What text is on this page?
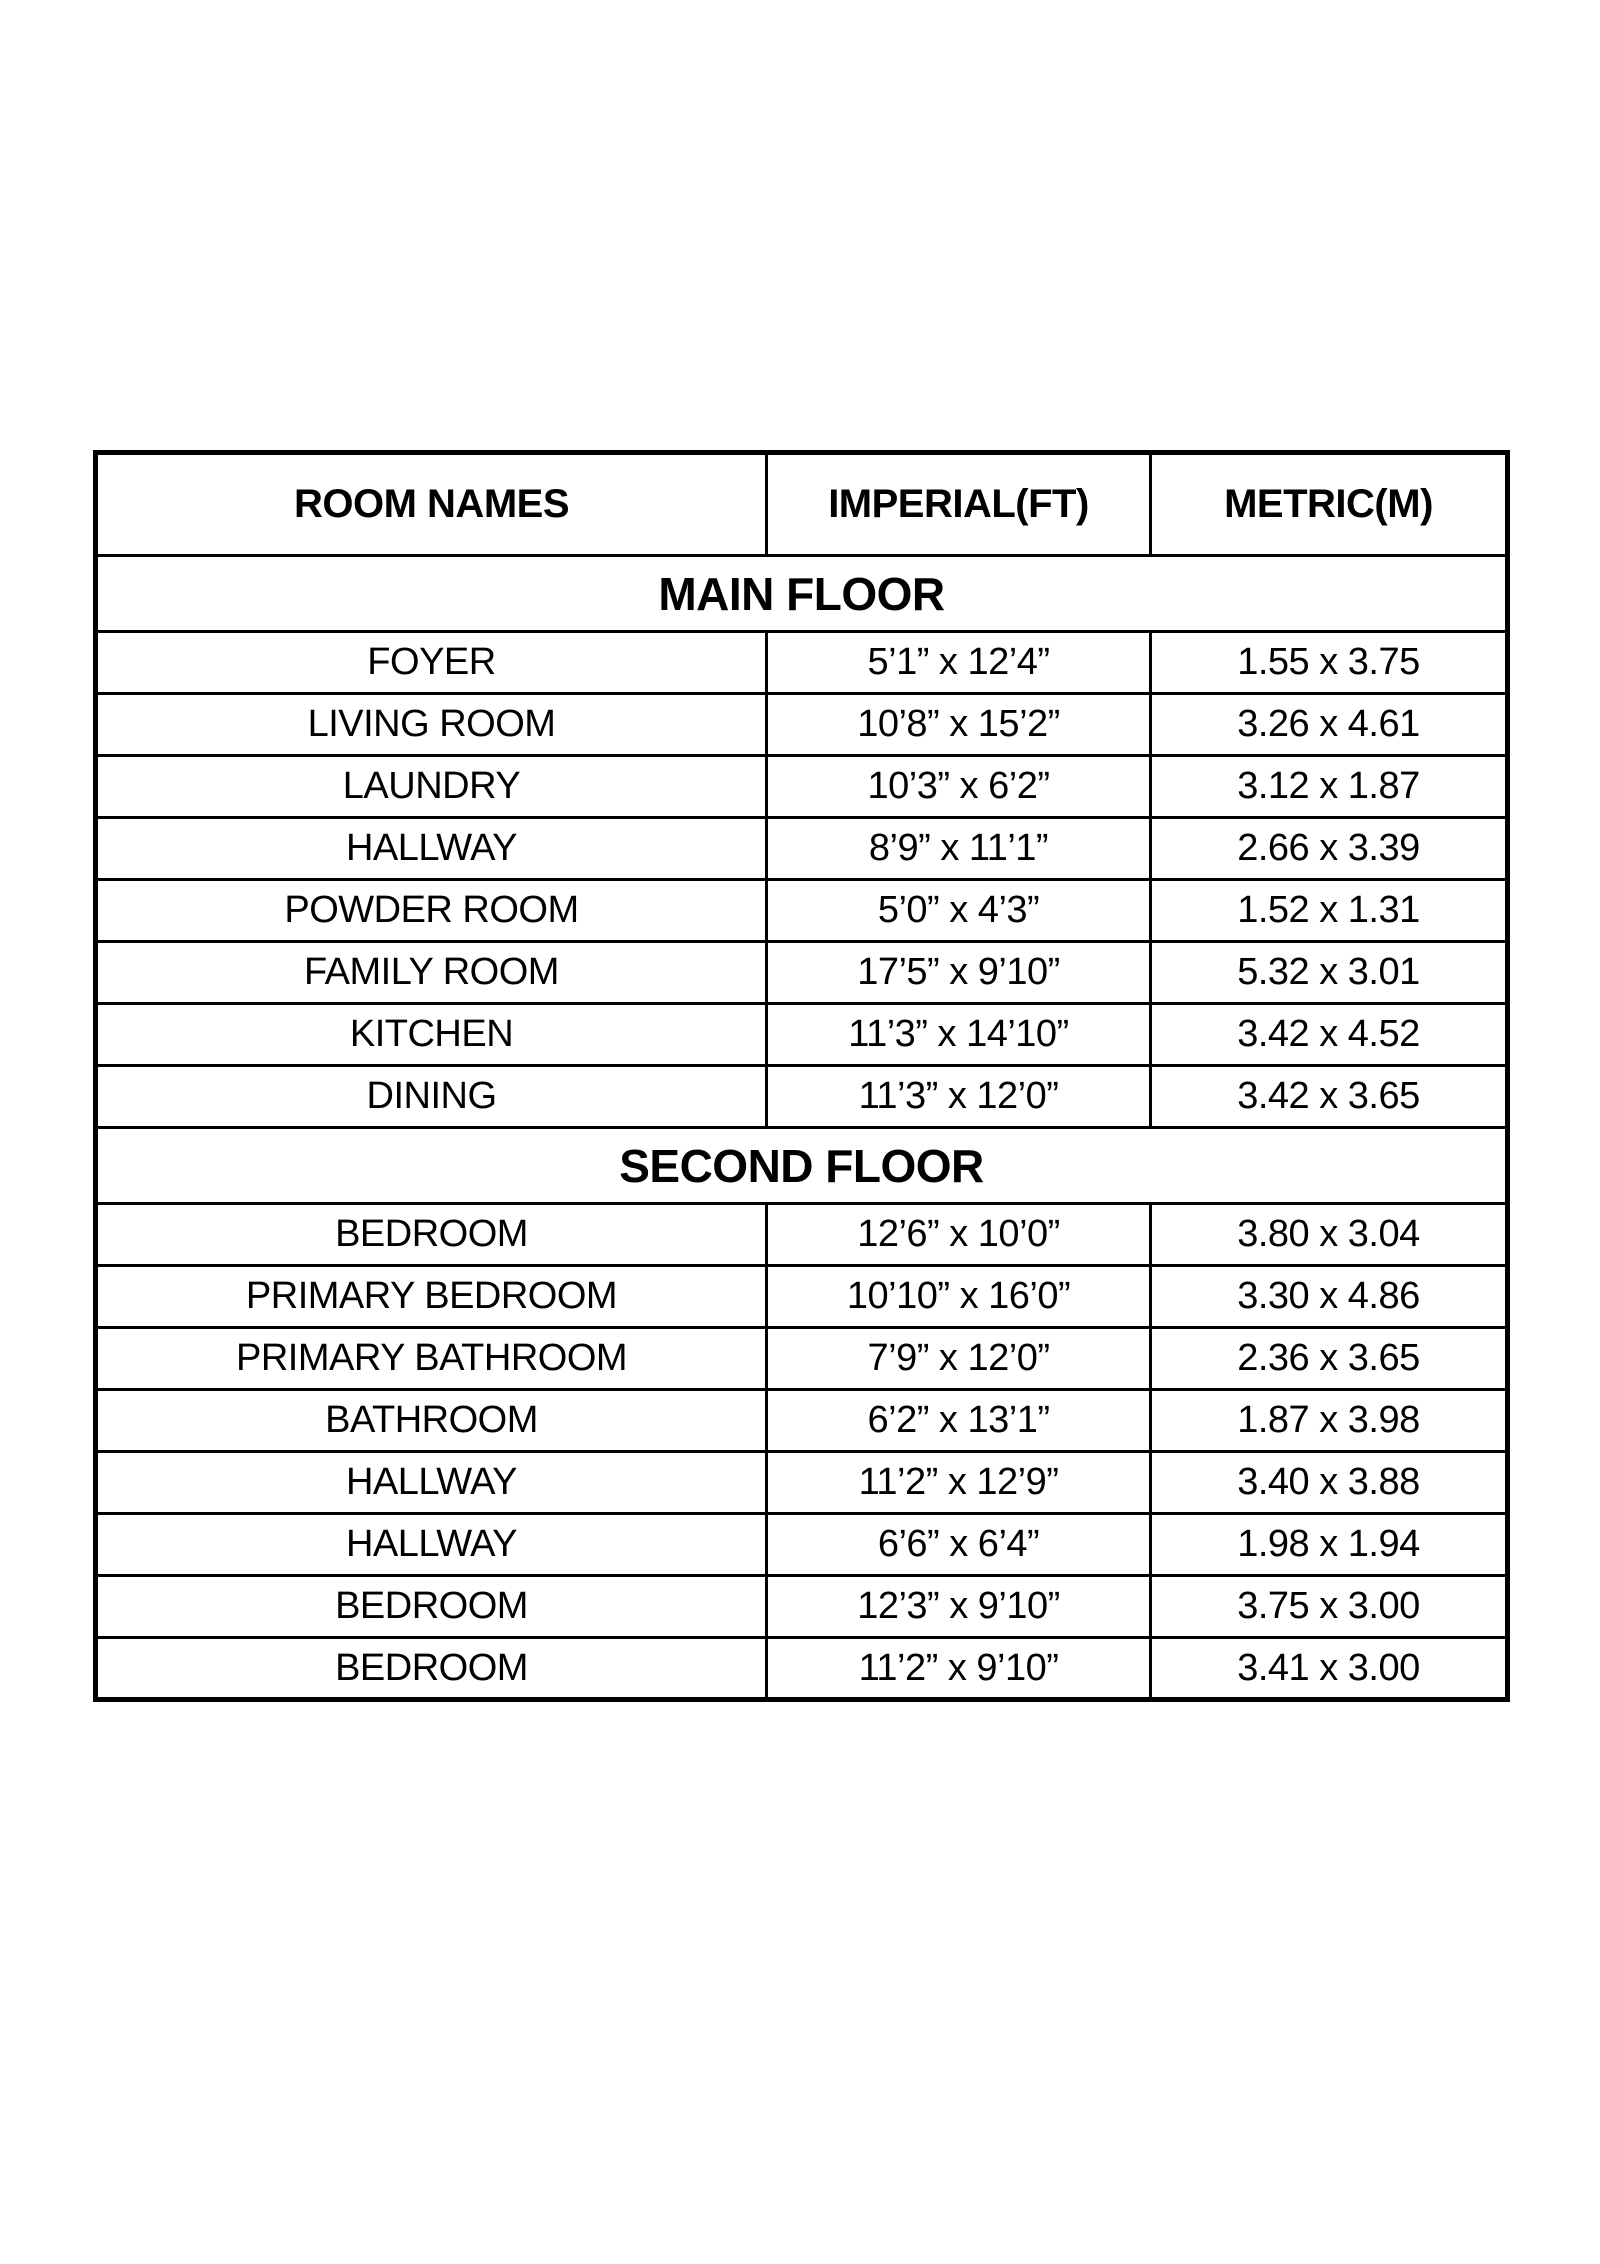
ROOM NAMES	IMPERIAL(FT)	METRIC(M)
MAIN FLOOR		
FOYER	5’1” x 12’4”	1.55 x 3.75
LIVING ROOM	10’8” x 15’2”	3.26 x 4.61
LAUNDRY	10’3” x 6’2”	3.12 x 1.87
HALLWAY	8’9” x 11’1”	2.66 x 3.39
POWDER ROOM	5’0” x 4’3”	1.52 x 1.31
FAMILY ROOM	17’5” x 9’10”	5.32 x 3.01
KITCHEN	11’3” x 14’10”	3.42 x 4.52
DINING	11’3” x 12’0”	3.42 x 3.65
SECOND FLOOR		
BEDROOM	12’6” x 10’0”	3.80 x 3.04
PRIMARY BEDROOM	10’10” x 16’0”	3.30 x 4.86
PRIMARY BATHROOM	7’9” x 12’0”	2.36 x 3.65
BATHROOM	6’2” x 13’1”	1.87 x 3.98
HALLWAY	11’2” x 12’9”	3.40 x 3.88
HALLWAY	6’6” x 6’4”	1.98 x 1.94
BEDROOM	12’3” x 9’10”	3.75 x 3.00
BEDROOM	11’2” x 9’10”	3.41 x 3.00
